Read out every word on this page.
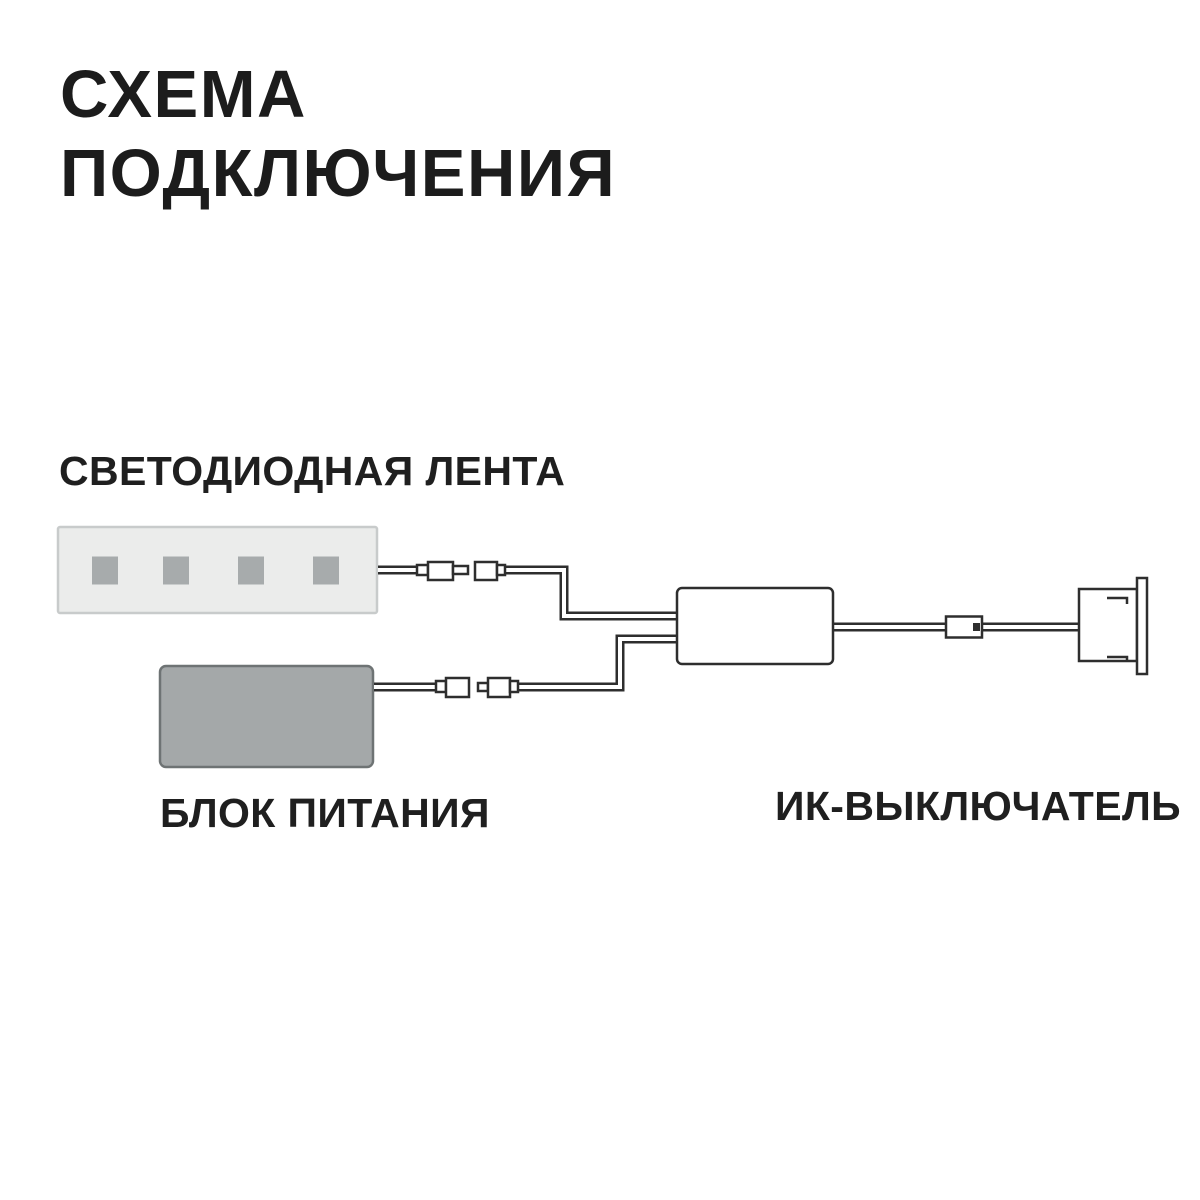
СХЕМА
ПОДКЛЮЧЕНИЯ
СВЕТОДИОДНАЯ ЛЕНТА
БЛОК ПИТАНИЯ	ИК-ВЫКЛЮЧАТЕЛЬ
